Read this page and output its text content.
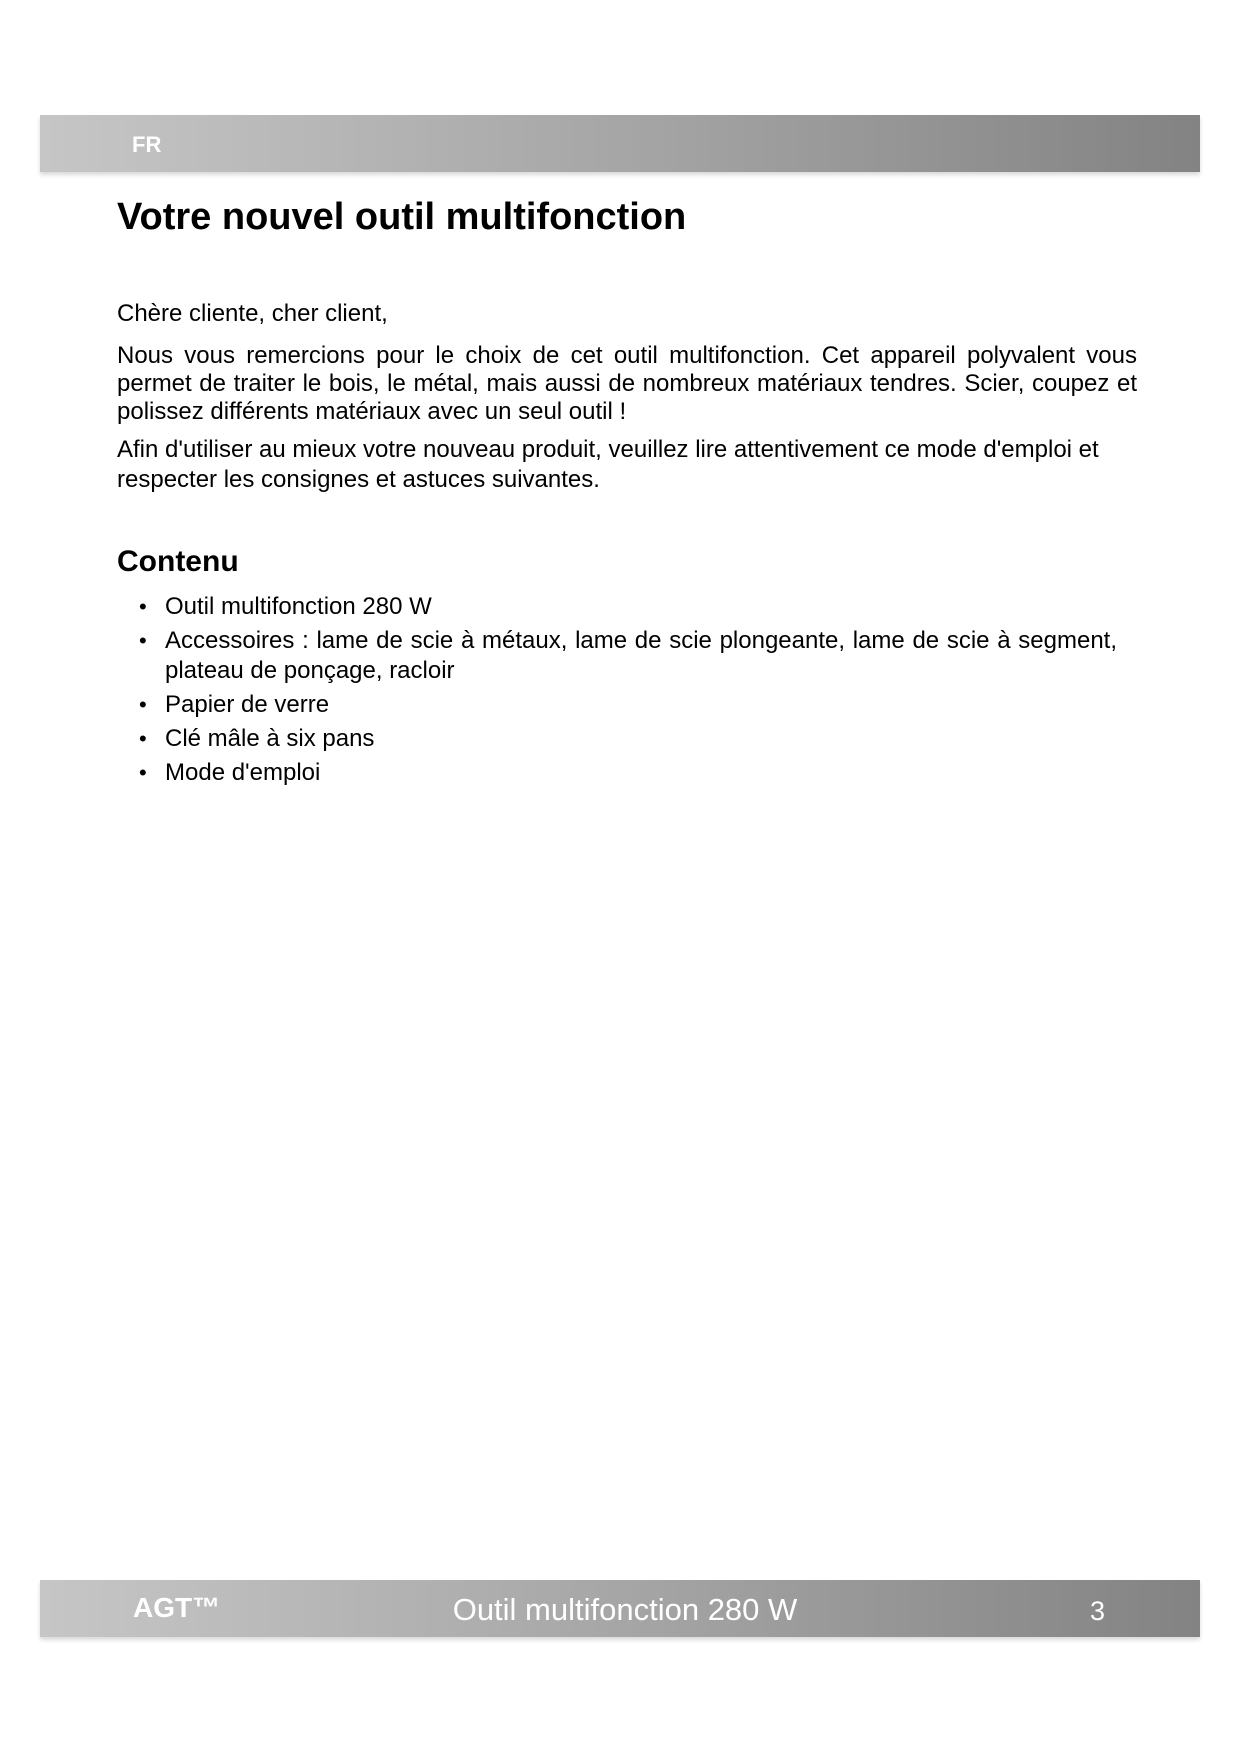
FR
Votre nouvel outil multifonction

Chère cliente, cher client,

Nous vous remercions pour le choix de cet outil multifonction. Cet appareil polyvalent vous permet de traiter le bois, le métal, mais aussi de nombreux matériaux tendres. Scier, coupez et polissez différents matériaux avec un seul outil !

Afin d'utiliser au mieux votre nouveau produit, veuillez lire attentivement ce mode d'emploi et respecter les consignes et astuces suivantes.

Contenu
• Outil multifonction 280 W
• Accessoires : lame de scie à métaux, lame de scie plongeante, lame de scie à segment, plateau de ponçage, racloir
• Papier de verre
• Clé mâle à six pans
• Mode d'emploi
AGT™	Outil multifonction 280 W	3
